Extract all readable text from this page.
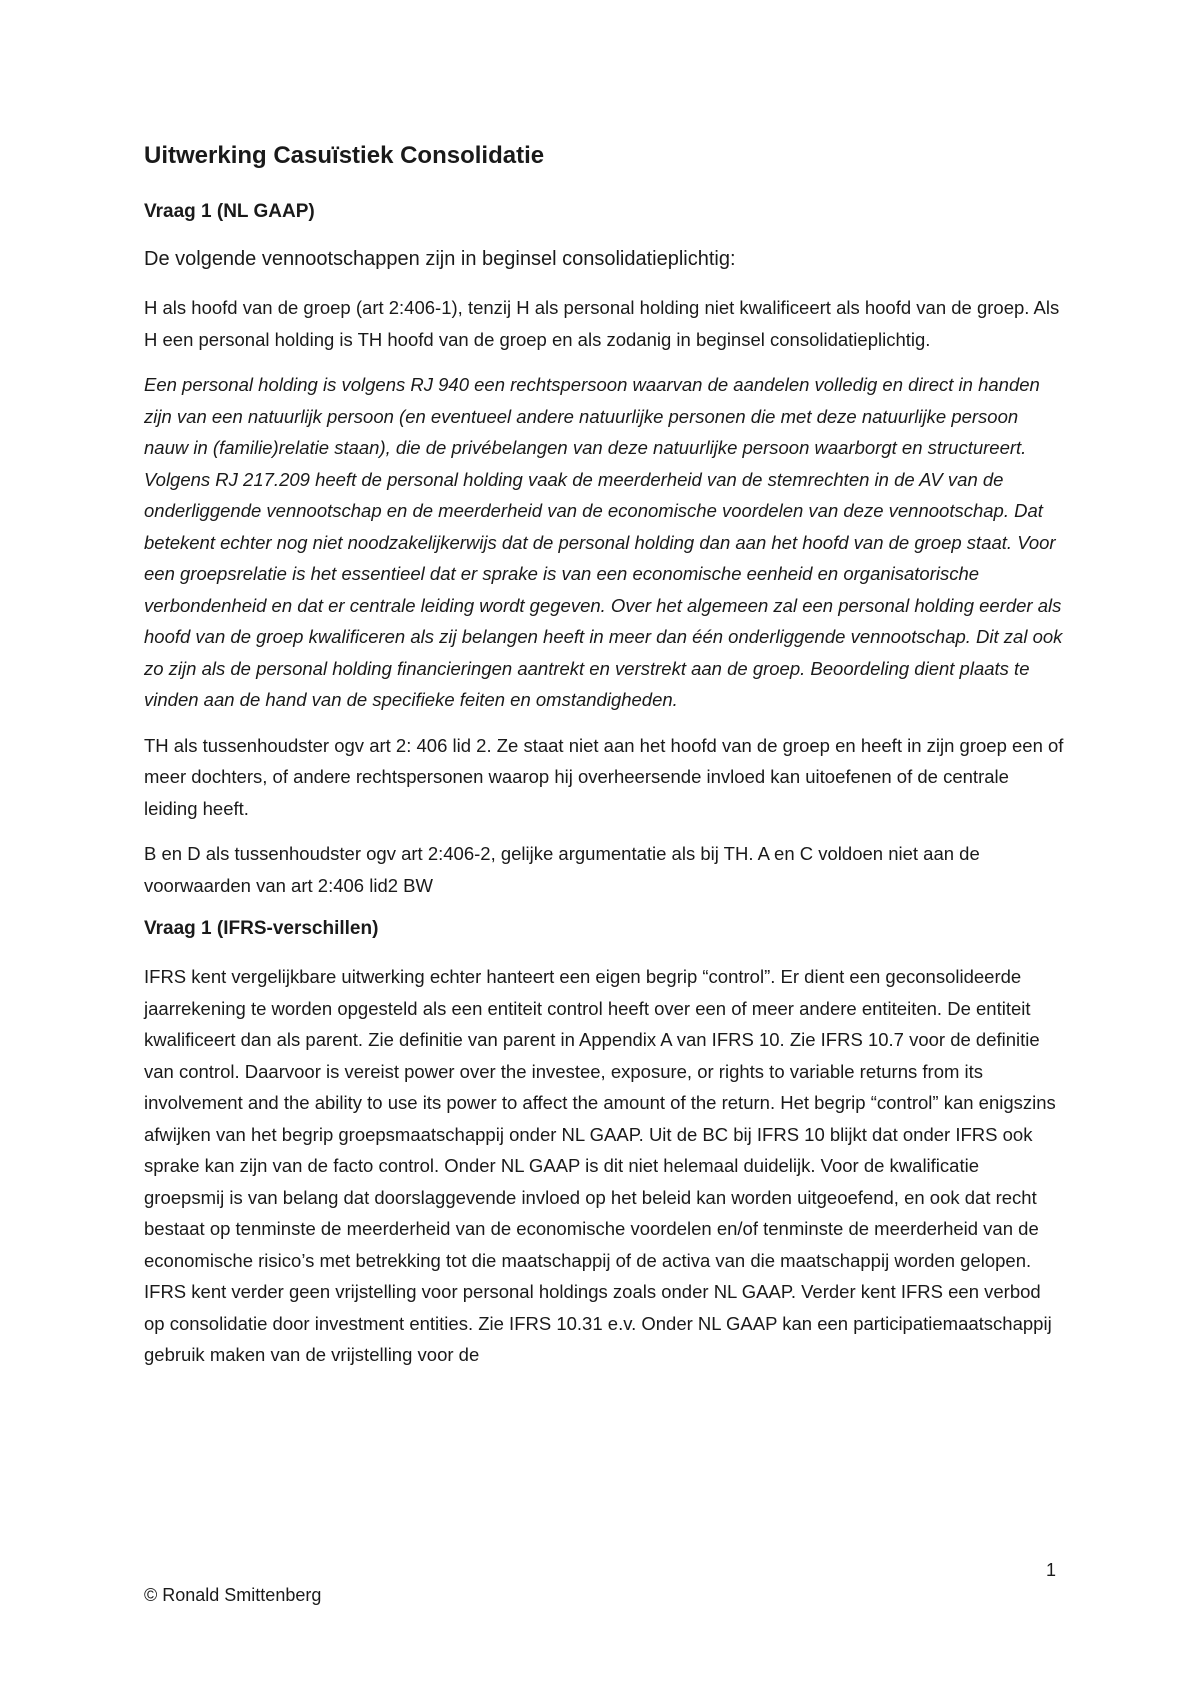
Uitwerking Casuïstiek Consolidatie
Vraag 1 (NL GAAP)
De volgende vennootschappen zijn in beginsel consolidatieplichtig:

H als hoofd van de groep (art 2:406-1), tenzij H als personal holding niet kwalificeert als hoofd van de groep. Als H een personal holding is TH hoofd van de groep en als zodanig in beginsel consolidatieplichtig.

Een personal holding is volgens RJ 940 een rechtspersoon waarvan de aandelen volledig en direct in handen zijn van een natuurlijk persoon (en eventueel andere natuurlijke personen die met deze natuurlijke persoon nauw in (familie)relatie staan), die de privébelangen van deze natuurlijke persoon waarborgt en structureert. Volgens RJ 217.209 heeft de personal holding vaak de meerderheid van de stemrechten in de AV van de onderliggende vennootschap en de meerderheid van de economische voordelen van deze vennootschap. Dat betekent echter nog niet noodzakelijkerwijs dat de personal holding dan aan het hoofd van de groep staat. Voor een groepsrelatie is het essentieel dat er sprake is van een economische eenheid en organisatorische verbondenheid en dat er centrale leiding wordt gegeven. Over het algemeen zal een personal holding eerder als hoofd van de groep kwalificeren als zij belangen heeft in meer dan één onderliggende vennootschap. Dit zal ook zo zijn als de personal holding financieringen aantrekt en verstrekt aan de groep. Beoordeling dient plaats te vinden aan de hand van de specifieke feiten en omstandigheden.

TH als tussenhoudster ogv art 2: 406 lid 2. Ze staat niet aan het hoofd van de groep en heeft in zijn groep een of meer dochters, of andere rechtspersonen waarop hij overheersende invloed kan uitoefenen of de centrale leiding heeft.

B en D als tussenhoudster ogv art 2:406-2, gelijke argumentatie als bij TH. A en C voldoen niet aan de voorwaarden van art 2:406 lid2 BW

Vraag 1 (IFRS-verschillen)

IFRS kent vergelijkbare uitwerking echter hanteert een eigen begrip “control”. Er dient een geconsolideerde jaarrekening te worden opgesteld als een entiteit control heeft over een of meer andere entiteiten. De entiteit kwalificeert dan als parent. Zie definitie van parent in Appendix A van IFRS 10. Zie IFRS 10.7 voor de definitie van control. Daarvoor is vereist power over the investee, exposure, or rights to variable returns from its involvement and the ability to use its power to affect the amount of the return. Het begrip “control” kan enigszins afwijken van het begrip groepsmaatschappij onder NL GAAP. Uit de BC bij IFRS 10 blijkt dat onder IFRS ook sprake kan zijn van de facto control. Onder NL GAAP is dit niet helemaal duidelijk. Voor de kwalificatie groepsmij is van belang dat doorslaggevende invloed op het beleid kan worden uitgeoefend, en ook dat recht bestaat op tenminste de meerderheid van de economische voordelen en/of tenminste de meerderheid van de economische risico’s met betrekking tot die maatschappij of de activa van die maatschappij worden gelopen. IFRS kent verder geen vrijstelling voor personal holdings zoals onder NL GAAP. Verder kent IFRS een verbod op consolidatie door investment entities. Zie IFRS 10.31 e.v. Onder NL GAAP kan een participatiemaatschappij gebruik maken van de vrijstelling voor de

1
© Ronald Smittenberg
